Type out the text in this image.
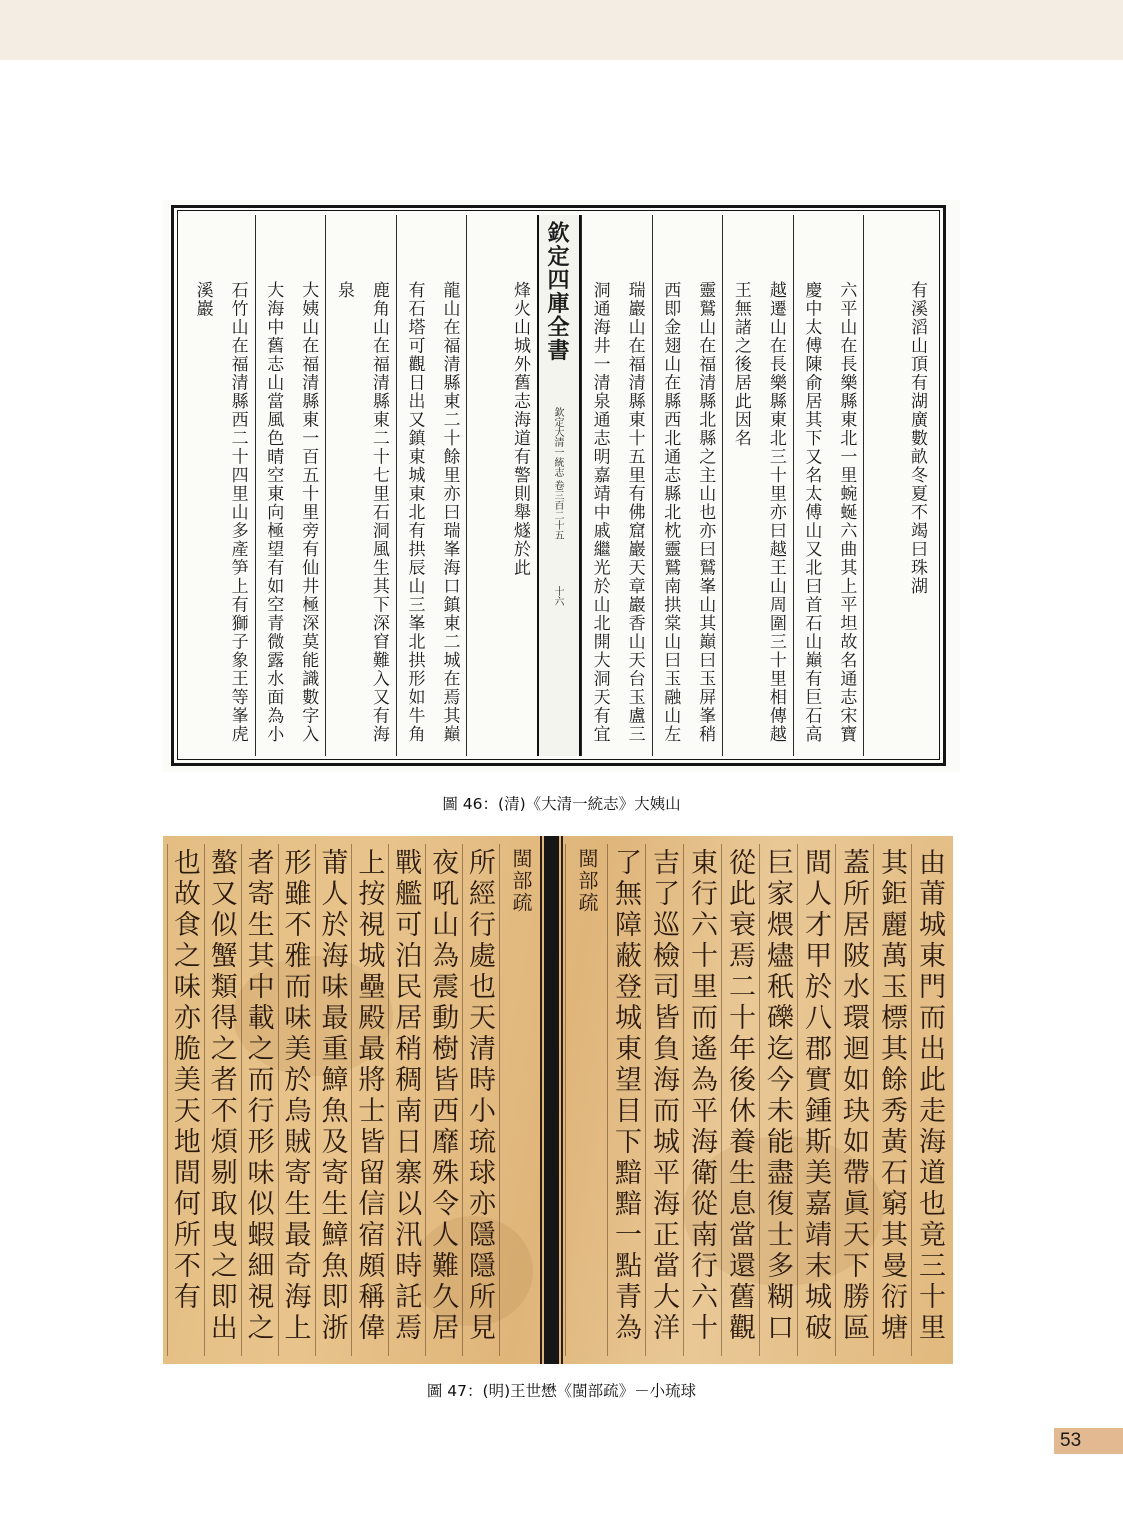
有溪滔山頂有湖廣數畝冬夏不竭曰珠湖
六平山在長樂縣東北一里蜿蜒六曲其上平坦故名通志宋寶慶中太傅陳俞居其下又名太傅山又北曰首石山巔有巨石高
越遷山在長樂縣東北三十里亦曰越王山周圍三十里相傳越王無諸之後居此因名
靈鷲山在福清縣北縣之主山也亦曰鷲峯山其巔曰玉屏峯稍西即金翅山在縣西北通志縣北枕靈鷲南拱棠山曰玉融山左
瑞巖山在福清縣東十五里有佛窟巖天章巖香山天台玉盧三洞通海井一清泉通志明嘉靖中戚繼光於山北開大洞天有宜
欽定四庫全書 欽定大清一統志 卷三百二十五 十六
烽火山城外舊志海道有警則舉燧於此
龍山在福清縣東二十餘里亦曰瑞峯海口鎮東二城在焉其巔有石塔可觀日出又鎮東城東北有拱辰山三峯北拱形如牛角
鹿角山在福清縣東二十七里石洞風生其下深窅難入又有海泉
大姨山在福清縣東一百五十里旁有仙井極深莫能識數字入大海中舊志山當風色晴空東向極望有如空青微露水面為小
石竹山在福清縣西二十四里山多產笋上有獅子象王等峯虎溪巖
圖 46：(清)《大清一統志》大姨山
閩部疏
所經行處也天清時小琉球亦隱隱所見
夜吼山為震動樹皆西靡殊令人難久居
戰艦可泊民居稍稠南日寨以汛時託焉
上按視城壘殿最將士皆留信宿頗稱偉
莆人於海味最重鱆魚及寄生鱆魚即浙
形雖不雅而味美於烏賊寄生最奇海上
者寄生其中載之而行形味似蝦細視之
螯又似蟹類得之者不煩剔取曳之即出
也故食之味亦脆美天地間何所不有	由莆城東門而出此走海道也竟三十里
其鉅麗萬玉標其餘秀黃石窮其曼衍塘
蓋所居陂水環迴如玦如帶眞天下勝區
間人才甲於八郡實鍾斯美嘉靖末城破
巨家煨燼秖礫迄今未能盡復士多糊口
從此衰焉二十年後休養生息當還舊觀
東行六十里而遙為平海衛從南行六十
吉了巡檢司皆負海而城平海正當大洋
了無障蔽登城東望目下黯黯一點青為
閩部疏
圖 47：(明)王世懋《閩部疏》－小琉球
53
